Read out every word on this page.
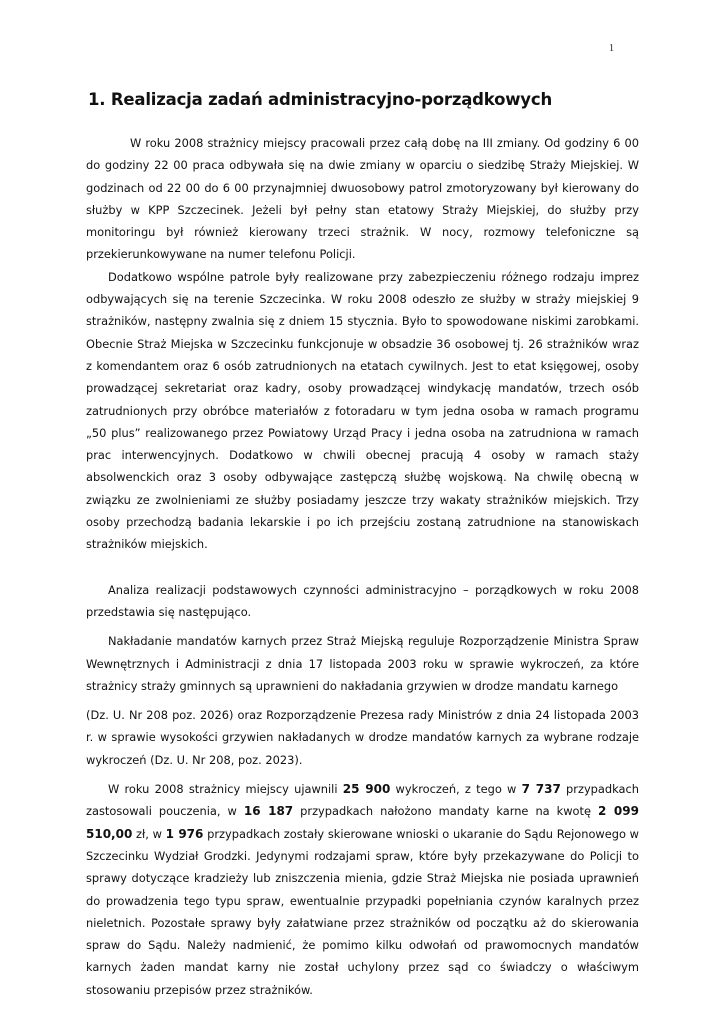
1
1. Realizacja zadań administracyjno-porządkowych

W roku 2008 strażnicy miejscy pracowali przez całą dobę na III zmiany. Od godziny 6 00 do godziny 22 00 praca odbywała się na dwie zmiany w oparciu o siedzibę Straży Miejskiej. W godzinach od 22 00 do 6 00 przynajmniej dwuosobowy patrol zmotoryzowany był kierowany do służby w KPP Szczecinek. Jeżeli był pełny stan etatowy Straży Miejskiej, do służby przy monitoringu był również kierowany trzeci strażnik. W nocy, rozmowy telefoniczne są przekierunkowywane na numer telefonu Policji.

Dodatkowo wspólne patrole były realizowane przy zabezpieczeniu różnego rodzaju imprez odbywających się na terenie Szczecinka. W roku 2008 odeszło ze służby w straży miejskiej 9 strażników, następny zwalnia się z dniem 15 stycznia. Było to spowodowane niskimi zarobkami. Obecnie Straż Miejska w Szczecinku funkcjonuje w obsadzie 36 osobowej tj. 26 strażników wraz z komendantem oraz 6 osób zatrudnionych na etatach cywilnych. Jest to etat księgowej, osoby prowadzącej sekretariat oraz kadry, osoby prowadzącej windykację mandatów, trzech osób zatrudnionych przy obróbce materiałów z fotoradaru w tym jedna osoba w ramach programu „50 plus” realizowanego przez Powiatowy Urząd Pracy i jedna osoba na zatrudniona w ramach prac interwencyjnych. Dodatkowo w chwili obecnej pracują 4 osoby w ramach staży absolwenckich oraz 3 osoby odbywające zastępczą służbę wojskową. Na chwilę obecną w związku ze zwolnieniami ze służby posiadamy jeszcze trzy wakaty strażników miejskich. Trzy osoby przechodzą badania lekarskie i po ich przejściu zostaną zatrudnione na stanowiskach strażników miejskich.

Analiza realizacji podstawowych czynności administracyjno – porządkowych w roku 2008 przedstawia się następująco.

Nakładanie mandatów karnych przez Straż Miejską reguluje Rozporządzenie Ministra Spraw Wewnętrznych i Administracji z dnia 17 listopada 2003 roku w sprawie wykroczeń, za które strażnicy straży gminnych są uprawnieni do nakładania grzywien w drodze mandatu karnego

(Dz. U. Nr 208 poz. 2026) oraz Rozporządzenie Prezesa rady Ministrów z dnia 24 listopada 2003 r. w sprawie wysokości grzywien nakładanych w drodze mandatów karnych za wybrane rodzaje wykroczeń (Dz. U. Nr 208, poz. 2023).

W roku 2008 strażnicy miejscy ujawnili 25 900 wykroczeń, z tego w 7 737 przypadkach zastosowali pouczenia, w 16 187 przypadkach nałożono mandaty karne na kwotę 2 099 510,00 zł, w 1 976 przypadkach zostały skierowane wnioski o ukaranie do Sądu Rejonowego w Szczecinku Wydział Grodzki. Jedynymi rodzajami spraw, które były przekazywane do Policji to sprawy dotyczące kradzieży lub zniszczenia mienia, gdzie Straż Miejska nie posiada uprawnień do prowadzenia tego typu spraw, ewentualnie przypadki popełniania czynów karalnych przez nieletnich. Pozostałe sprawy były załatwiane przez strażników od początku aż do skierowania spraw do Sądu. Należy nadmienić, że pomimo kilku odwołań od prawomocnych mandatów karnych żaden mandat karny nie został uchylony przez sąd co świadczy o właściwym stosowaniu przepisów przez strażników.
